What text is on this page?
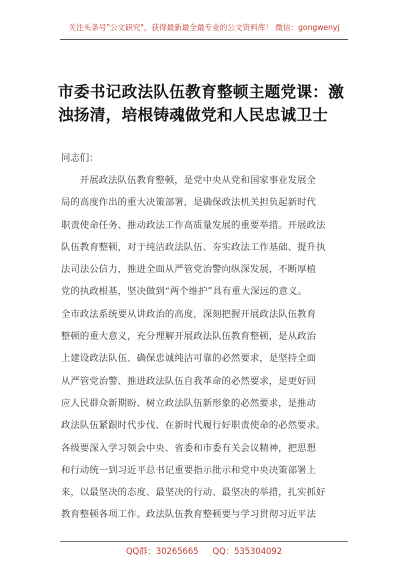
关注头条号"公文研究"，获得最新最全最专业的公文资料库！ 微信：gongwenyj
市委书记政法队伍教育整顿主题党课：激
浊扬清，培根铸魂做党和人民忠诚卫士
同志们：
　　开展政法队伍教育整顿，是党中央从党和国家事业发展全
局的高度作出的重大决策部署，是确保政法机关担负起新时代
职责使命任务、推动政法工作高质量发展的重要举措。开展政法
队伍教育整顿，对于纯洁政法队伍、夯实政法工作基础、提升执
法司法公信力，推进全面从严管党治警向纵深发展，不断厚植
党的执政根基，坚决做到“两个维护”具有重大深远的意义。
全市政法系统要从讲政治的高度，深刻把握开展政法队伍教育
整顿的重大意义，充分理解开展政法队伍教育整顿，是从政治
上建设政法队伍、确保忠诚纯洁可靠的必然要求，是坚持全面
从严管党治警、推进政法队伍自我革命的必然要求，是更好回
应人民群众新期盼、树立政法队伍新形象的必然要求，是推动
政法队伍紧跟时代步伐、在新时代履行好职责使命的必然要求。
各级要深入学习领会中央、省委和市委有关会议精神，把思想
和行动统一到习近平总书记重要指示批示和党中央决策部署上
来，以最坚决的态度、最坚决的行动、最坚决的举措，扎实抓好
教育整顿各项工作。政法队伍教育整顿要与学习贯彻习近平法
QQ群：30265665 QQ：535304092
